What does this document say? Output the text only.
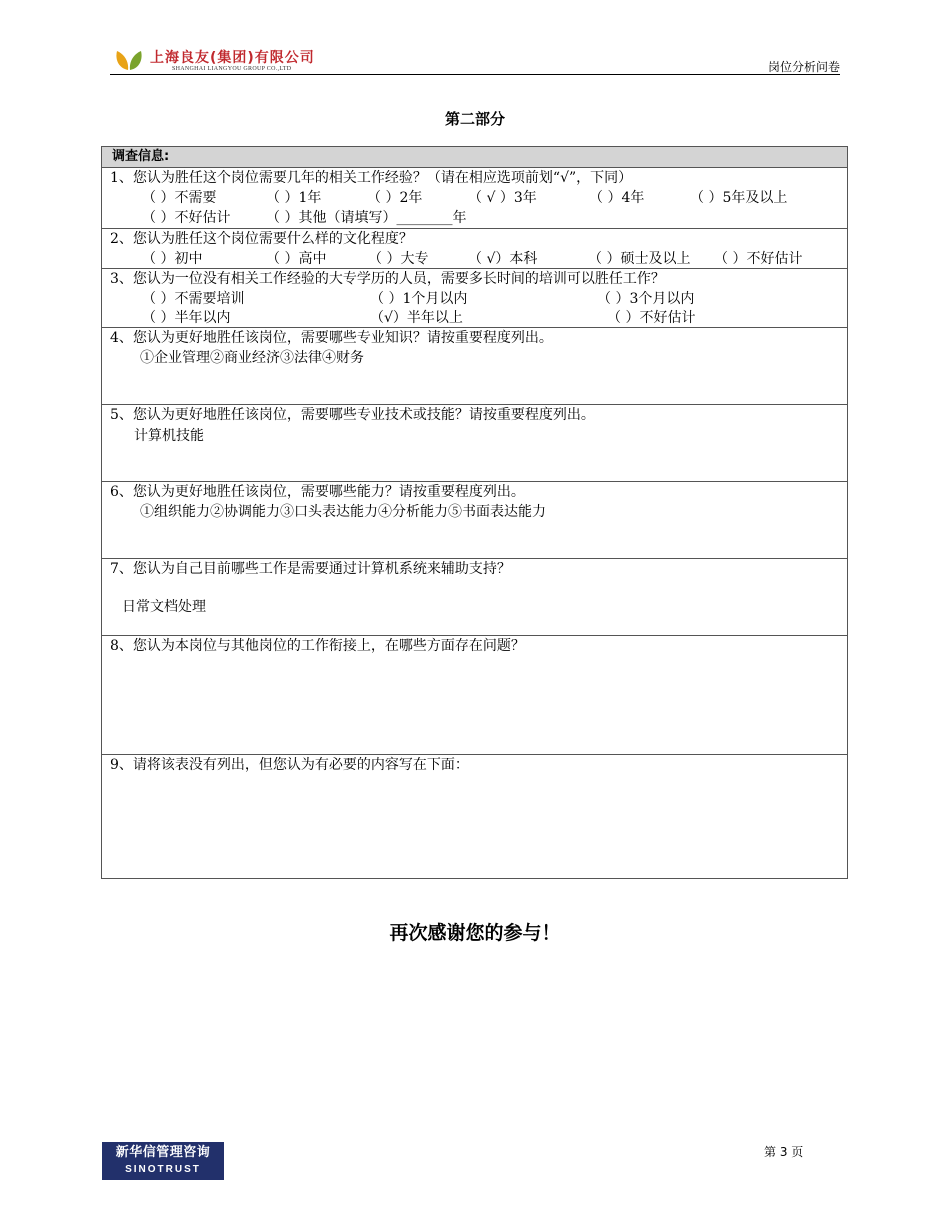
上海良友(集团)有限公司
SHANGHAI LIANGYOU GROUP CO.,LTD	岗位分析问卷
第二部分
调查信息:
1、您认为胜任这个岗位需要几年的相关工作经验？（请在相应选项前划“√”，下同）
（ ）不需要	（ ）1年	（ ）2年	（ √ ）3年	（ ）4年	（ ）5年及以上
（ ）不好估计	（ ）其他（请填写）________年
2、您认为胜任这个岗位需要什么样的文化程度？
（ ）初中	（ ）高中	（ ）大专	（ √）本科	（ ）硕士及以上 （ ）不好估计
3、您认为一位没有相关工作经验的大专学历的人员，需要多长时间的培训可以胜任工作？
（ ）不需要培训	（ ）1个月以内	（ ）3个月以内
（ ）半年以内	（√）半年以上	（ ）不好估计
4、您认为更好地胜任该岗位，需要哪些专业知识？请按重要程度列出。
①企业管理②商业经济③法律④财务
5、您认为更好地胜任该岗位，需要哪些专业技术或技能？请按重要程度列出。
计算机技能
6、您认为更好地胜任该岗位，需要哪些能力？请按重要程度列出。
①组织能力②协调能力③口头表达能力④分析能力⑤书面表达能力
7、您认为自己目前哪些工作是需要通过计算机系统来辅助支持？
日常文档处理
8、您认为本岗位与其他岗位的工作衔接上，在哪些方面存在问题？
9、请将该表没有列出，但您认为有必要的内容写在下面：
再次感谢您的参与！
新华信管理咨询
SINOTRUST
第 3 页
